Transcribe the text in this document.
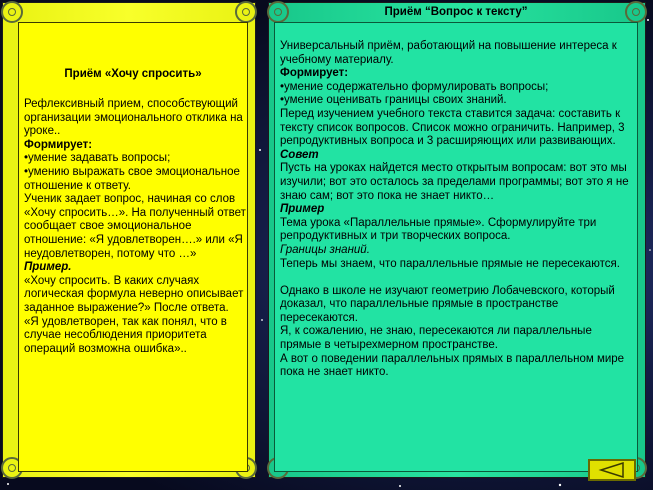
Приём «Хочу спросить»

Рефлексивный прием, способствующий организации эмоционального отклика на уроке..

Формирует:

•умение задавать вопросы;

•умению выражать свое эмоциональное отношение к ответу.

Ученик задает вопрос, начиная со слов «Хочу спросить…». На полученный ответ сообщает свое эмоциональное отношение: «Я удовлетворен….» или «Я неудовлетворен, потому что …»

Пример.

«Хочу спросить. В каких случаях логическая формула неверно описывает заданное выражение?» После ответа. «Я удовлетворен, так как понял, что в случае несоблюдения приоритета операций возможна ошибка»..

Приём “Вопрос к тексту”

Универсальный приём, работающий на повышение интереса к учебному материалу.

Формирует:

•умение содержательно формулировать вопросы;

•умение оценивать границы своих знаний.

Перед изучением учебного текста ставится задача: составить к тексту список вопросов. Список можно ограничить. Например, 3 репродуктивных вопроса и 3 расширяющих или развивающих.

Совет

Пусть на уроках найдется место открытым вопросам: вот это мы изучили; вот это осталось за пределами программы; вот это я не знаю сам; вот это пока не знает никто…

Пример

Тема урока «Параллельные прямые». Сформулируйте три репродуктивных и три творческих вопроса.

Границы знаний.

Теперь мы знаем, что параллельные прямые не пересекаются.

Однако в школе не изучают геометрию Лобачевского, который доказал, что параллельные прямые в пространстве пересекаются.

Я, к сожалению, не знаю, пересекаются ли параллельные прямые в четырехмерном пространстве.

А вот о поведении параллельных прямых в параллельном мире пока не знает никто.
